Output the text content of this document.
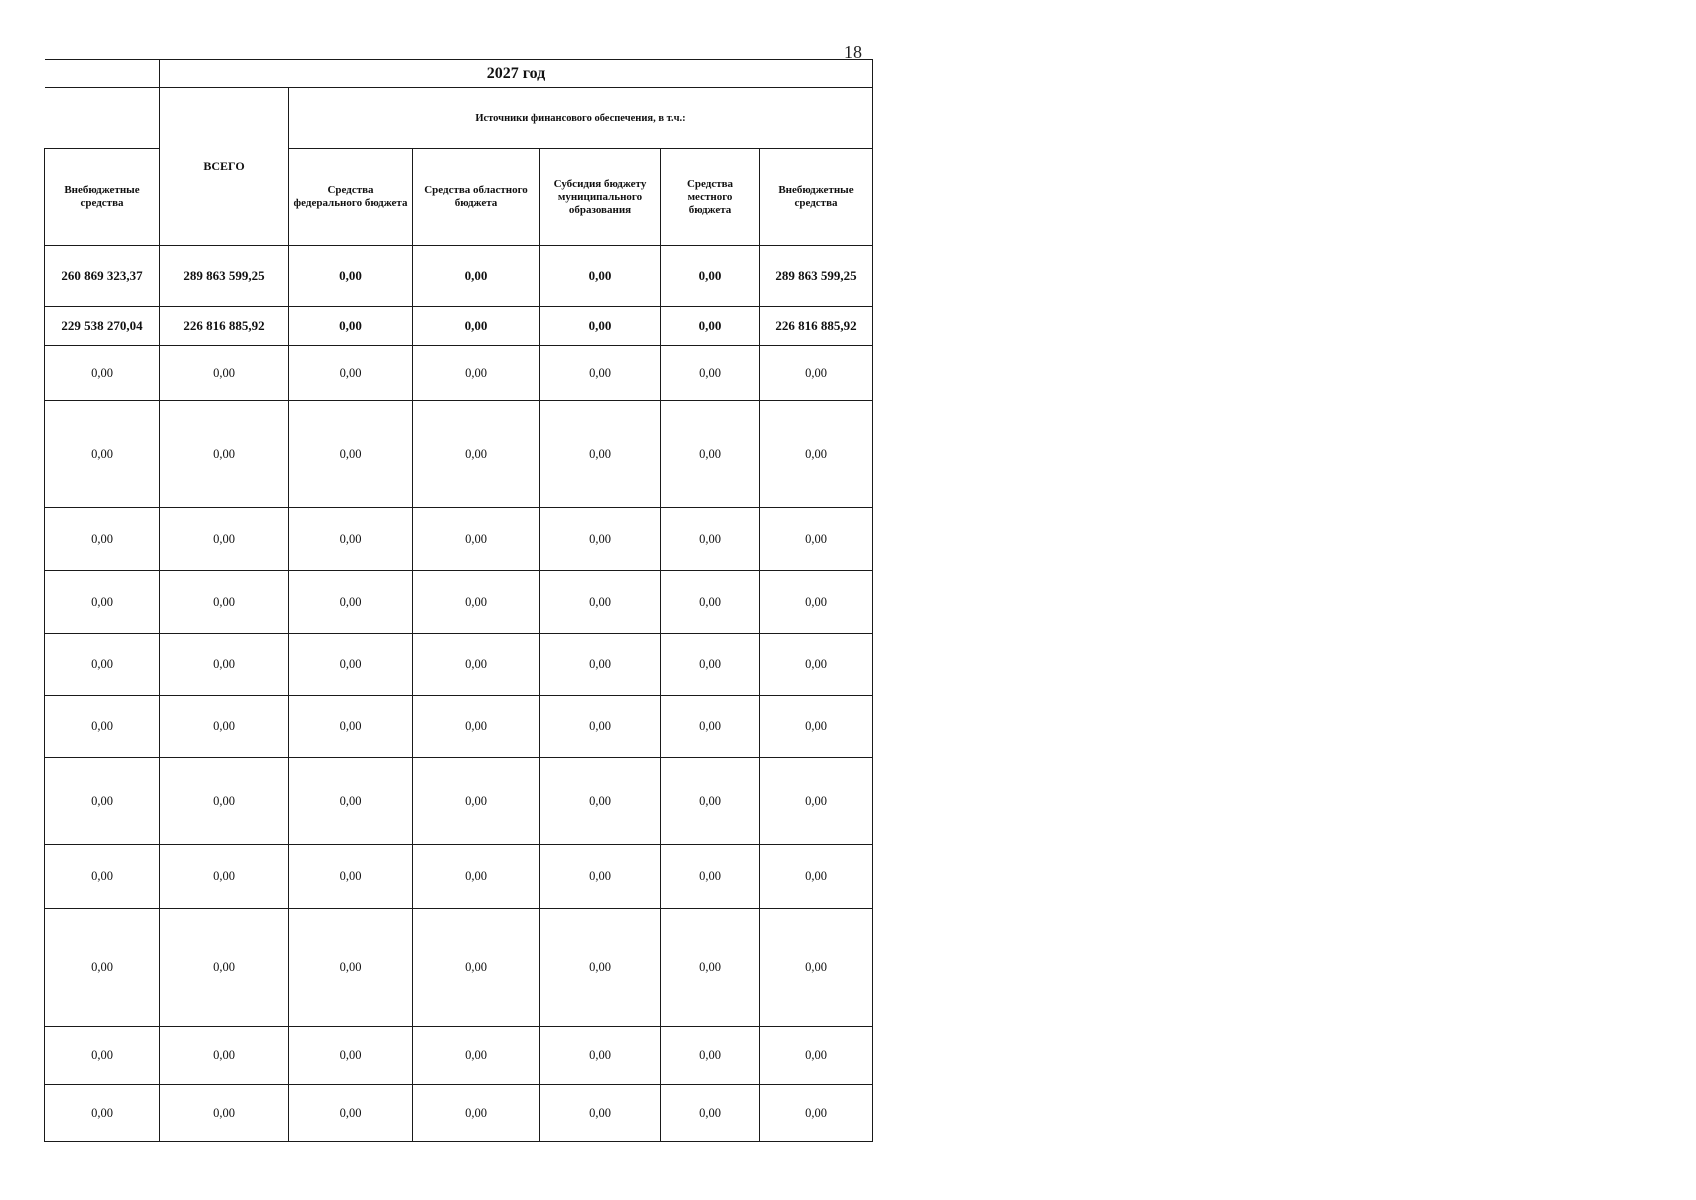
18
	2027 год					
	ВСЕГО	Источники финансового обеспечения, в т.ч.:				
Внебюджетные средства		Средства федерального бюджета	Средства областного бюджета	Субсидия бюджету муниципального образования	Средства местного бюджета	Внебюджетные средства
260 869 323,37	289 863 599,25	0,00	0,00	0,00	0,00	289 863 599,25
229 538 270,04	226 816 885,92	0,00	0,00	0,00	0,00	226 816 885,92
0,00	0,00	0,00	0,00	0,00	0,00	0,00
0,00	0,00	0,00	0,00	0,00	0,00	0,00
0,00	0,00	0,00	0,00	0,00	0,00	0,00
0,00	0,00	0,00	0,00	0,00	0,00	0,00
0,00	0,00	0,00	0,00	0,00	0,00	0,00
0,00	0,00	0,00	0,00	0,00	0,00	0,00
0,00	0,00	0,00	0,00	0,00	0,00	0,00
0,00	0,00	0,00	0,00	0,00	0,00	0,00
0,00	0,00	0,00	0,00	0,00	0,00	0,00
0,00	0,00	0,00	0,00	0,00	0,00	0,00
0,00	0,00	0,00	0,00	0,00	0,00	0,00
